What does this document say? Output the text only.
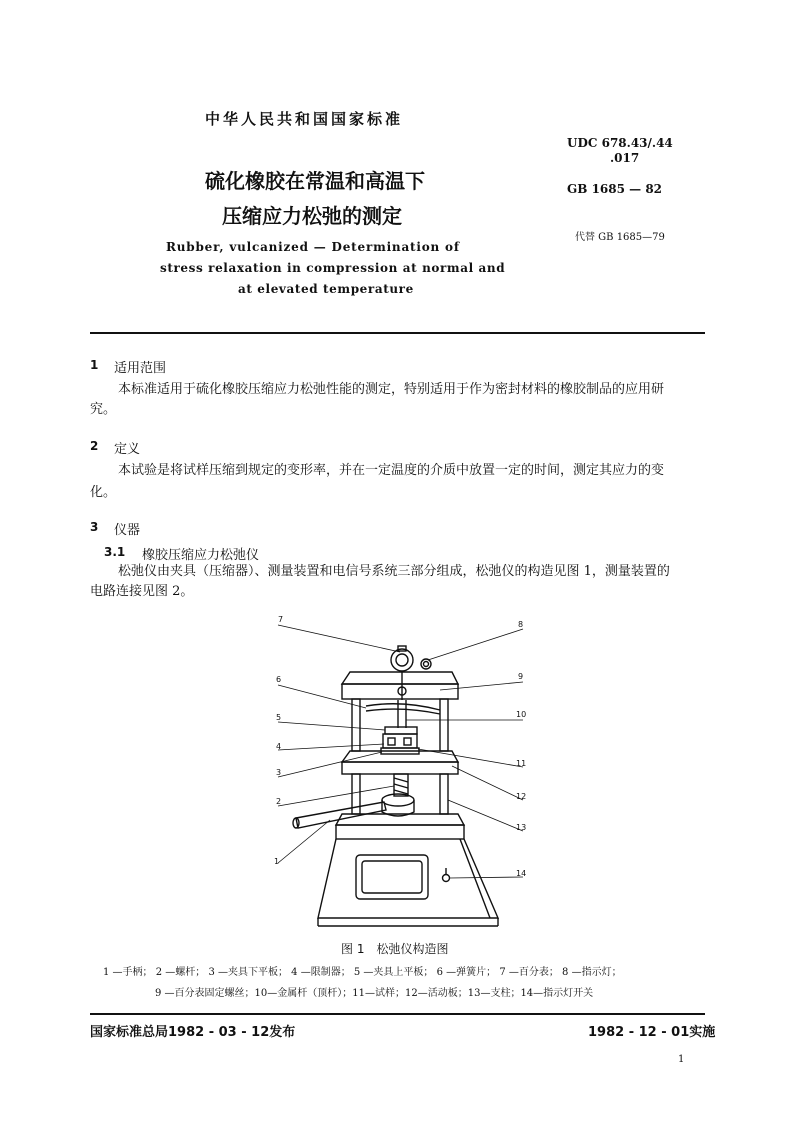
中华人民共和国国家标准
硫化橡胶在常温和高温下
压缩应力松弛的测定
Rubber, vulcanized — Determination of
stress relaxation in compression at normal and
at elevated temperature
UDC 678.43/.44
.017
GB 1685 — 82
代替 GB 1685—79
1 适用范围
本标准适用于硫化橡胶压缩应力松弛性能的测定，特别适用于作为密封材料的橡胶制品的应用研
究。
2 定义
本试验是将试样压缩到规定的变形率，并在一定温度的介质中放置一定的时间，测定其应力的变
化。
3 仪器
3.1 橡胶压缩应力松弛仪
松弛仪由夹具（压缩器）、测量装置和电信号系统三部分组成，松弛仪的构造见图 1，测量装置的
电路连接见图 2。
7
8
6	9
5	10
4
3
11
2
12
13
1
14
图 1　松弛仪构造图
1 —手柄； 2 —螺杆； 3 —夹具下平板； 4 —限制器； 5 —夹具上平板； 6 —弹簧片； 7 —百分表； 8 —指示灯；
9 —百分表固定螺丝；10—金属杆（顶杆）；11—试样；12—活动板；13—支柱；14—指示灯开关
国家标准总局1982 - 03 - 12发布	1982 - 12 - 01实施
1
